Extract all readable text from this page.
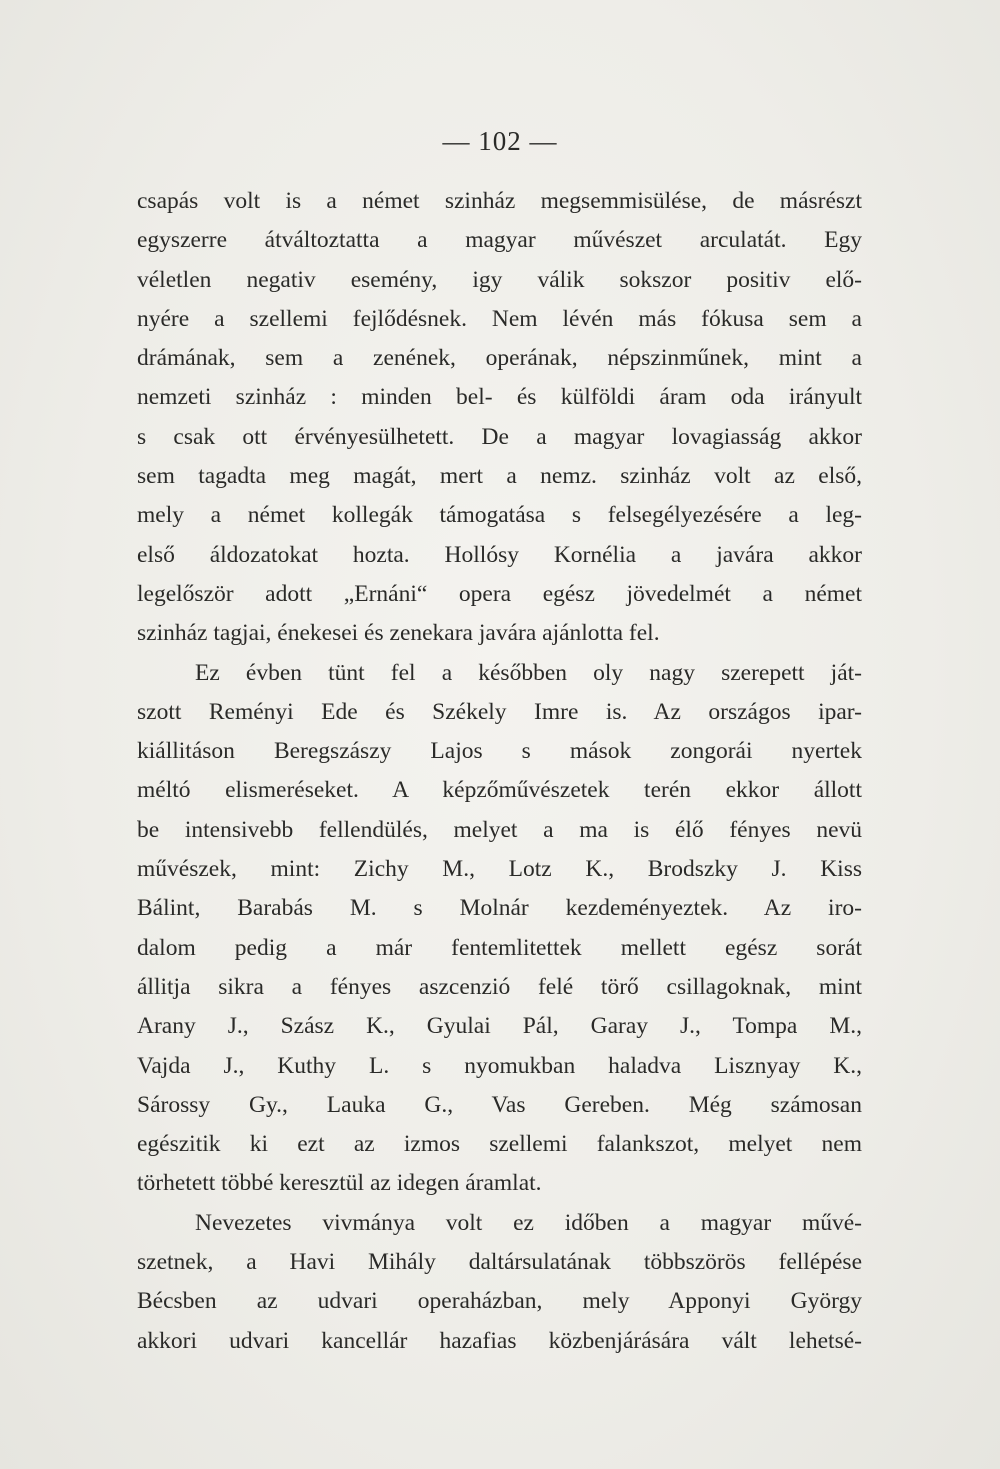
— 102 —
csapás volt is a német szinház megsemmisülése, de másrészt
egyszerre átváltoztatta a magyar művészet arculatát. Egy
véletlen negativ esemény, igy válik sokszor positiv elő-
nyére a szellemi fejlődésnek. Nem lévén más fókusa sem a
drámának, sem a zenének, operának, népszinműnek, mint a
nemzeti szinház : minden bel- és külföldi áram oda irányult
s csak ott érvényesülhetett. De a magyar lovagiasság akkor
sem tagadta meg magát, mert a nemz. szinház volt az első,
mely a német kollegák támogatása s felsegélyezésére a leg-
első áldozatokat hozta. Hollósy Kornélia a javára akkor
legelőször adott „Ernáni“ opera egész jövedelmét a német
szinház tagjai, énekesei és zenekara javára ajánlotta fel.
Ez évben tünt fel a későbben oly nagy szerepett ját-
szott Reményi Ede és Székely Imre is. Az országos ipar-
kiállitáson Beregszászy Lajos s mások zongorái nyertek
méltó elismeréseket. A képzőművészetek terén ekkor állott
be intensivebb fellendülés, melyet a ma is élő fényes nevü
művészek, mint: Zichy M., Lotz K., Brodszky J. Kiss
Bálint, Barabás M. s Molnár kezdeményeztek. Az iro-
dalom pedig a már fentemlitettek mellett egész sorát
állitja sikra a fényes aszcenzió felé törő csillagoknak, mint
Arany J., Szász K., Gyulai Pál, Garay J., Tompa M.,
Vajda J., Kuthy L. s nyomukban haladva Lisznyay K.,
Sárossy Gy., Lauka G., Vas Gereben. Még számosan
egészitik ki ezt az izmos szellemi falankszot, melyet nem
törhetett többé keresztül az idegen áramlat.
Nevezetes vivmánya volt ez időben a magyar művé-
szetnek, a Havi Mihály daltársulatának többszörös fellépése
Bécsben az udvari operaházban, mely Apponyi György
akkori udvari kancellár hazafias közbenjárására vált lehetsé-
